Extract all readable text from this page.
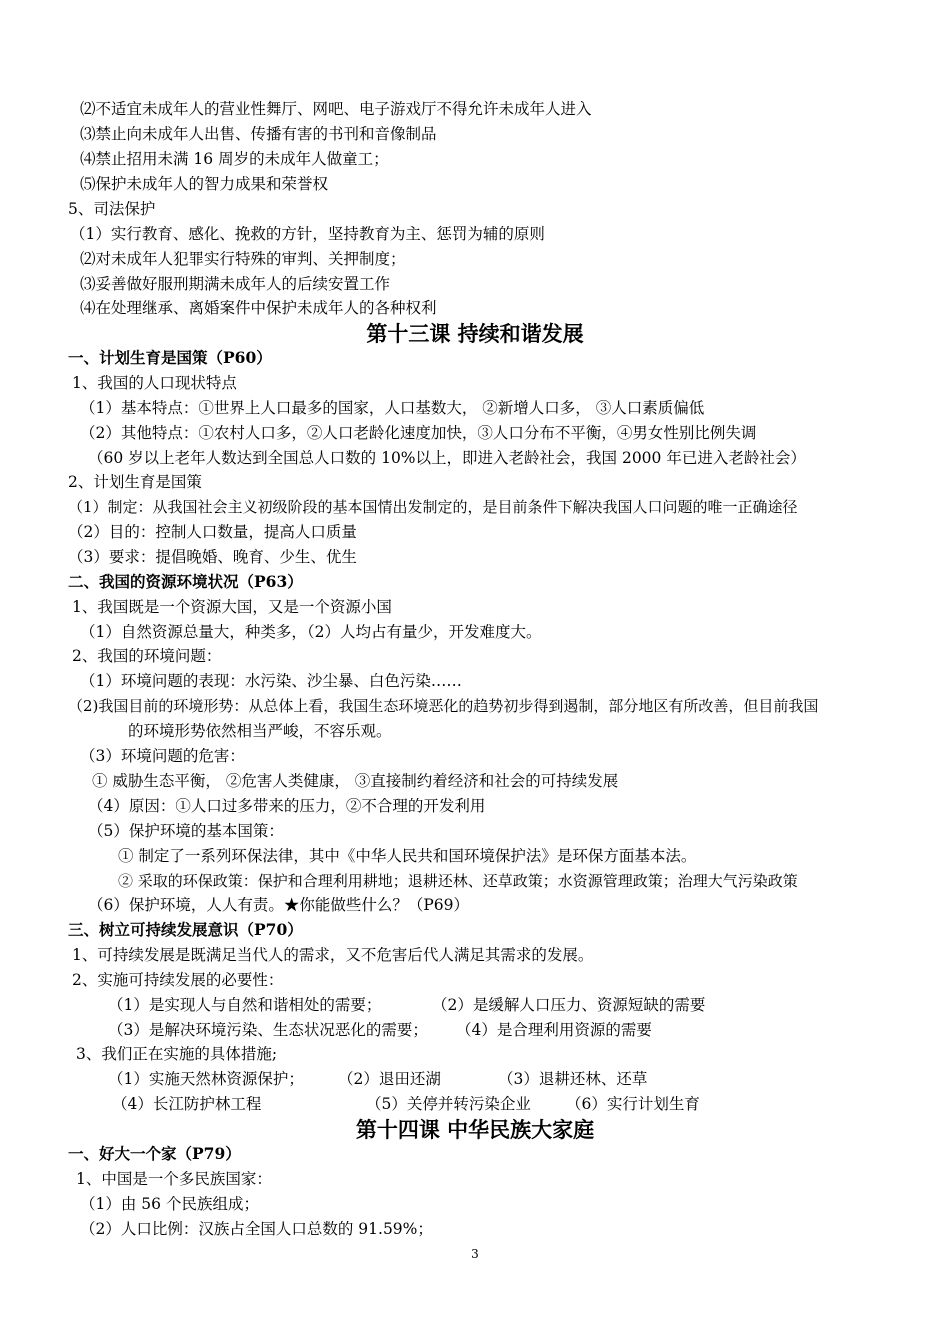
⑵不适宜未成年人的营业性舞厅、网吧、电子游戏厅不得允许未成年人进入
⑶禁止向未成年人出售、传播有害的书刊和音像制品
⑷禁止招用未满 16 周岁的未成年人做童工；
⑸保护未成年人的智力成果和荣誉权
5、司法保护
（1）实行教育、感化、挽救的方针，坚持教育为主、惩罚为辅的原则
⑵对未成年人犯罪实行特殊的审判、关押制度；
⑶妥善做好服刑期满未成年人的后续安置工作
⑷在处理继承、离婚案件中保护未成年人的各种权利
第十三课 持续和谐发展
一、计划生育是国策（P60）
1、我国的人口现状特点
（1）基本特点：①世界上人口最多的国家，人口基数大， ②新增人口多， ③人口素质偏低
（2）其他特点：①农村人口多，②人口老龄化速度加快，③人口分布不平衡，④男女性别比例失调
（60 岁以上老年人数达到全国总人口数的 10%以上，即进入老龄社会，我国 2000 年已进入老龄社会）
2、计划生育是国策
（1）制定：从我国社会主义初级阶段的基本国情出发制定的，是目前条件下解决我国人口问题的唯一正确途径
（2）目的：控制人口数量，提高人口质量
（3）要求：提倡晚婚、晚育、少生、优生
二、我国的资源环境状况（P63）
1、我国既是一个资源大国，又是一个资源小国
（1）自然资源总量大，种类多，（2）人均占有量少，开发难度大。
2、我国的环境问题：
（1）环境问题的表现：水污染、沙尘暴、白色污染……
（2)我国目前的环境形势：从总体上看，我国生态环境恶化的趋势初步得到遏制，部分地区有所改善，但目前我国
的环境形势依然相当严峻，不容乐观。
（3）环境问题的危害：
① 威胁生态平衡， ②危害人类健康， ③直接制约着经济和社会的可持续发展
（4）原因：①人口过多带来的压力，②不合理的开发利用
（5）保护环境的基本国策：
① 制定了一系列环保法律，其中《中华人民共和国环境保护法》是环保方面基本法。
② 采取的环保政策：保护和合理利用耕地；退耕还林、还草政策；水资源管理政策；治理大气污染政策
（6）保护环境，人人有责。★你能做些什么？（P69）
三、树立可持续发展意识（P70）
1、可持续发展是既满足当代人的需求，又不危害后代人满足其需求的发展。
2、实施可持续发展的必要性：
（1）是实现人与自然和谐相处的需要；	（2）是缓解人口压力、资源短缺的需要
（3）是解决环境污染、生态状况恶化的需要； （4）是合理利用资源的需要
3、我们正在实施的具体措施;
（1）实施天然林资源保护； （2）退田还湖	（3）退耕还林、还草
（4）长江防护林工程	（5）关停并转污染企业 （6）实行计划生育
第十四课 中华民族大家庭
一、好大一个家（P79）
1、中国是一个多民族国家：
（1）由 56 个民族组成；
（2）人口比例：汉族占全国人口总数的 91.59%；
3
